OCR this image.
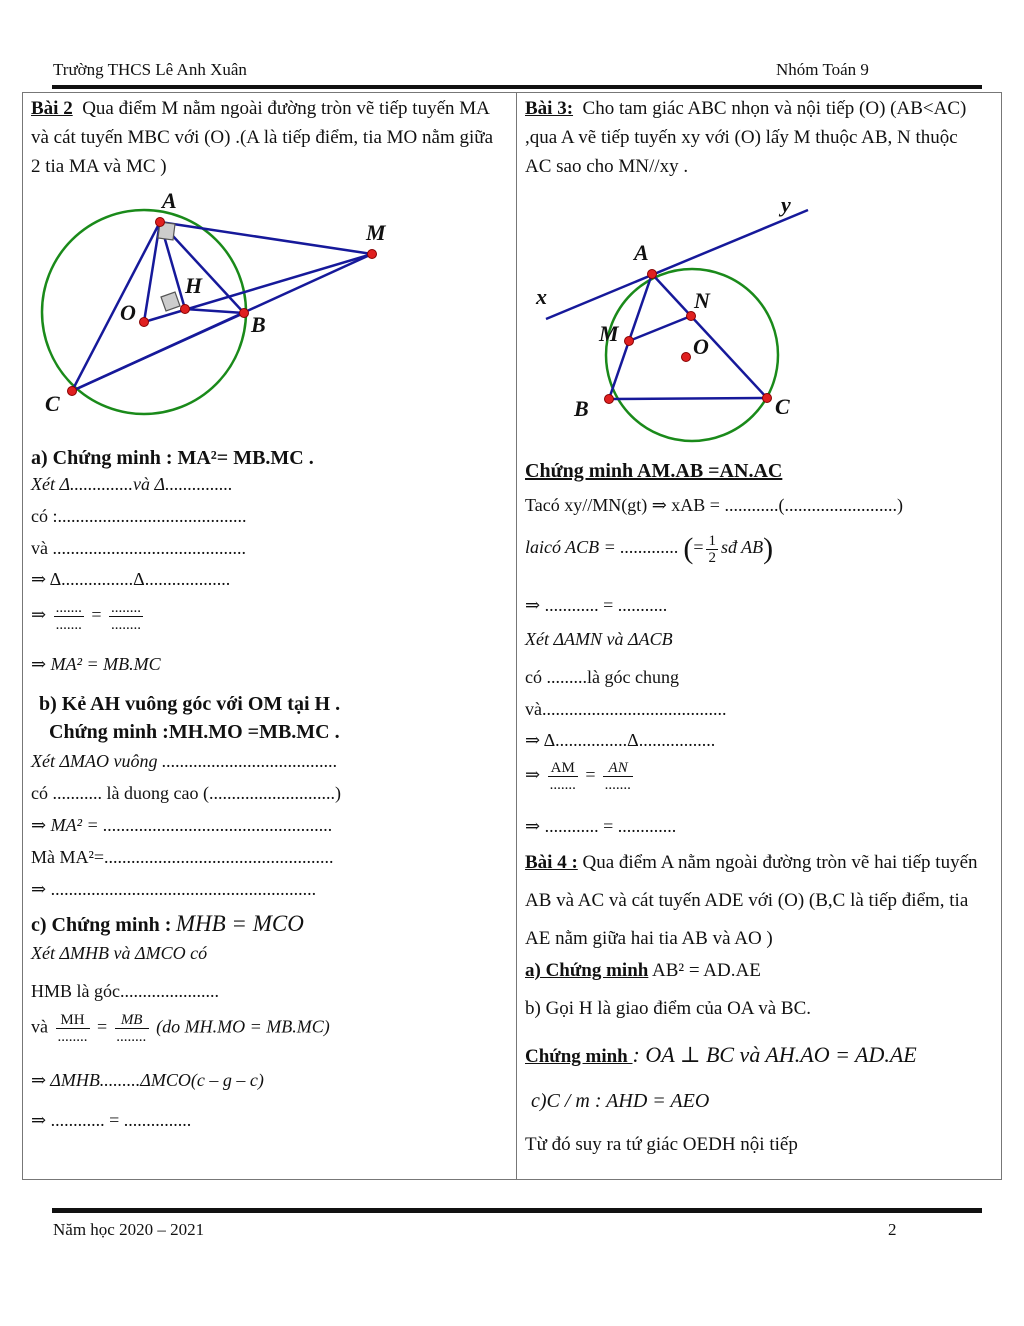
Trường THCS Lê Anh Xuân	Nhóm Toán 9
Bài 2 Qua điểm M nằm ngoài đường tròn vẽ tiếp tuyến MA và cát tuyến MBC với (O) .(A là tiếp điểm, tia MO nằm giữa 2 tia MA và MC )
A
M
H
O	B
C
a) Chứng minh : MA²= MB.MC .
Xét Δ..............và Δ...............
có :..........................................
và ...........................................
⇒ Δ................Δ...................
⇒ $\frac{.......}{.......} = \frac{........}{........}$
⇒ MA² = MB.MC
b) Kẻ AH vuông góc với OM tại H .
Chứng minh :MH.MO =MB.MC .
Xét ΔMAO vuông .......................................
có ........... là duong cao (............................)
⇒ MA² = ...................................................
Mà MA²=...................................................
⇒ ...........................................................
c) Chứng minh : MHB = MCO
Xét ΔMHB và ΔMCO có
HMB là góc......................
và $\frac{MH}{........} = \frac{MB}{........} (do$ MH.MO = MB.MC)
⇒ ΔMHB.........ΔMCO(c – g – c)
⇒ ............ = ...............
Bài 3: Cho tam giác ABC nhọn và nội tiếp (O) (AB<AC) ,qua A vẽ tiếp tuyến xy với (O) lấy M thuộc AB, N thuộc AC sao cho MN//xy .
y
A
x	N
M
O
B	C
Chứng minh AM.AB =AN.AC
Tacó xy//MN(gt) ⇒ xAB = ............(.........................)
laicó ACB = ............. (= $\frac{1}{2}$ sđ AB)
⇒ ............ = ...........
Xét ΔAMN và ΔACB
có .........là góc chung
và.........................................
⇒ Δ................Δ.................
⇒ $\frac{AM}{.......} = \frac{AN}{.......}$
⇒ ............ = .............
Bài 4 : Qua điểm A nằm ngoài đường tròn vẽ hai tiếp tuyến AB và AC và cát tuyến ADE với (O) (B,C là tiếp điểm, tia AE nằm giữa hai tia AB và AO )
a) Chứng minh AB² = AD.AE
b) Gọi H là giao điểm của OA và BC.
Chứng minh : OA ⊥ BC và AH.AO = AD.AE
c)C / m : AHD = AEO
Từ đó suy ra tứ giác OEDH nội tiếp
Năm học 2020 – 2021	2
